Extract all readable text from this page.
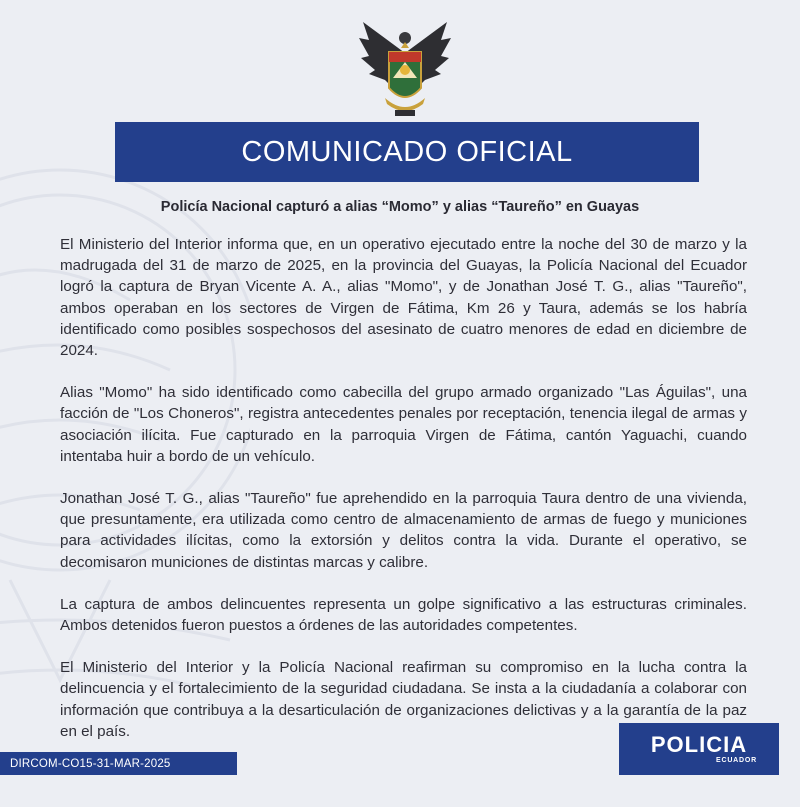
COMUNICADO OFICIAL
Policía Nacional capturó a alias “Momo” y alias “Taureño” en Guayas

El Ministerio del Interior informa que, en un operativo ejecutado entre la noche del 30 de marzo y la madrugada del 31 de marzo de 2025, en la provincia del Guayas, la Policía Nacional del Ecuador logró la captura de Bryan Vicente A. A., alias "Momo", y de Jonathan José T. G., alias "Taureño", ambos operaban en los sectores de Virgen de Fátima, Km 26 y Taura, además se los habría identificado como posibles sospechosos del asesinato de cuatro menores de edad en diciembre de 2024.

Alias "Momo" ha sido identificado como cabecilla del grupo armado organizado "Las Águilas", una facción de "Los Choneros", registra antecedentes penales por receptación, tenencia ilegal de armas y asociación ilícita. Fue capturado en la parroquia Virgen de Fátima, cantón Yaguachi, cuando intentaba huir a bordo de un vehículo.

Jonathan José T. G., alias "Taureño" fue aprehendido en la parroquia Taura dentro de una vivienda, que presuntamente, era utilizada como centro de almacenamiento de armas de fuego y municiones para actividades ilícitas, como la extorsión y delitos contra la vida. Durante el operativo, se decomisaron municiones de distintas marcas y calibre.

La captura de ambos delincuentes representa un golpe significativo a las estructuras criminales. Ambos detenidos fueron puestos a órdenes de las autoridades competentes.

El Ministerio del Interior y la Policía Nacional reafirman su compromiso en la lucha contra la delincuencia y el fortalecimiento de la seguridad ciudadana. Se insta a la ciudadanía a colaborar con información que contribuya a la desarticulación de organizaciones delictivas y a la garantía de la paz en el país.

DIRCOM-CO15-31-MAR-2025
POLICIA
ECUADOR
